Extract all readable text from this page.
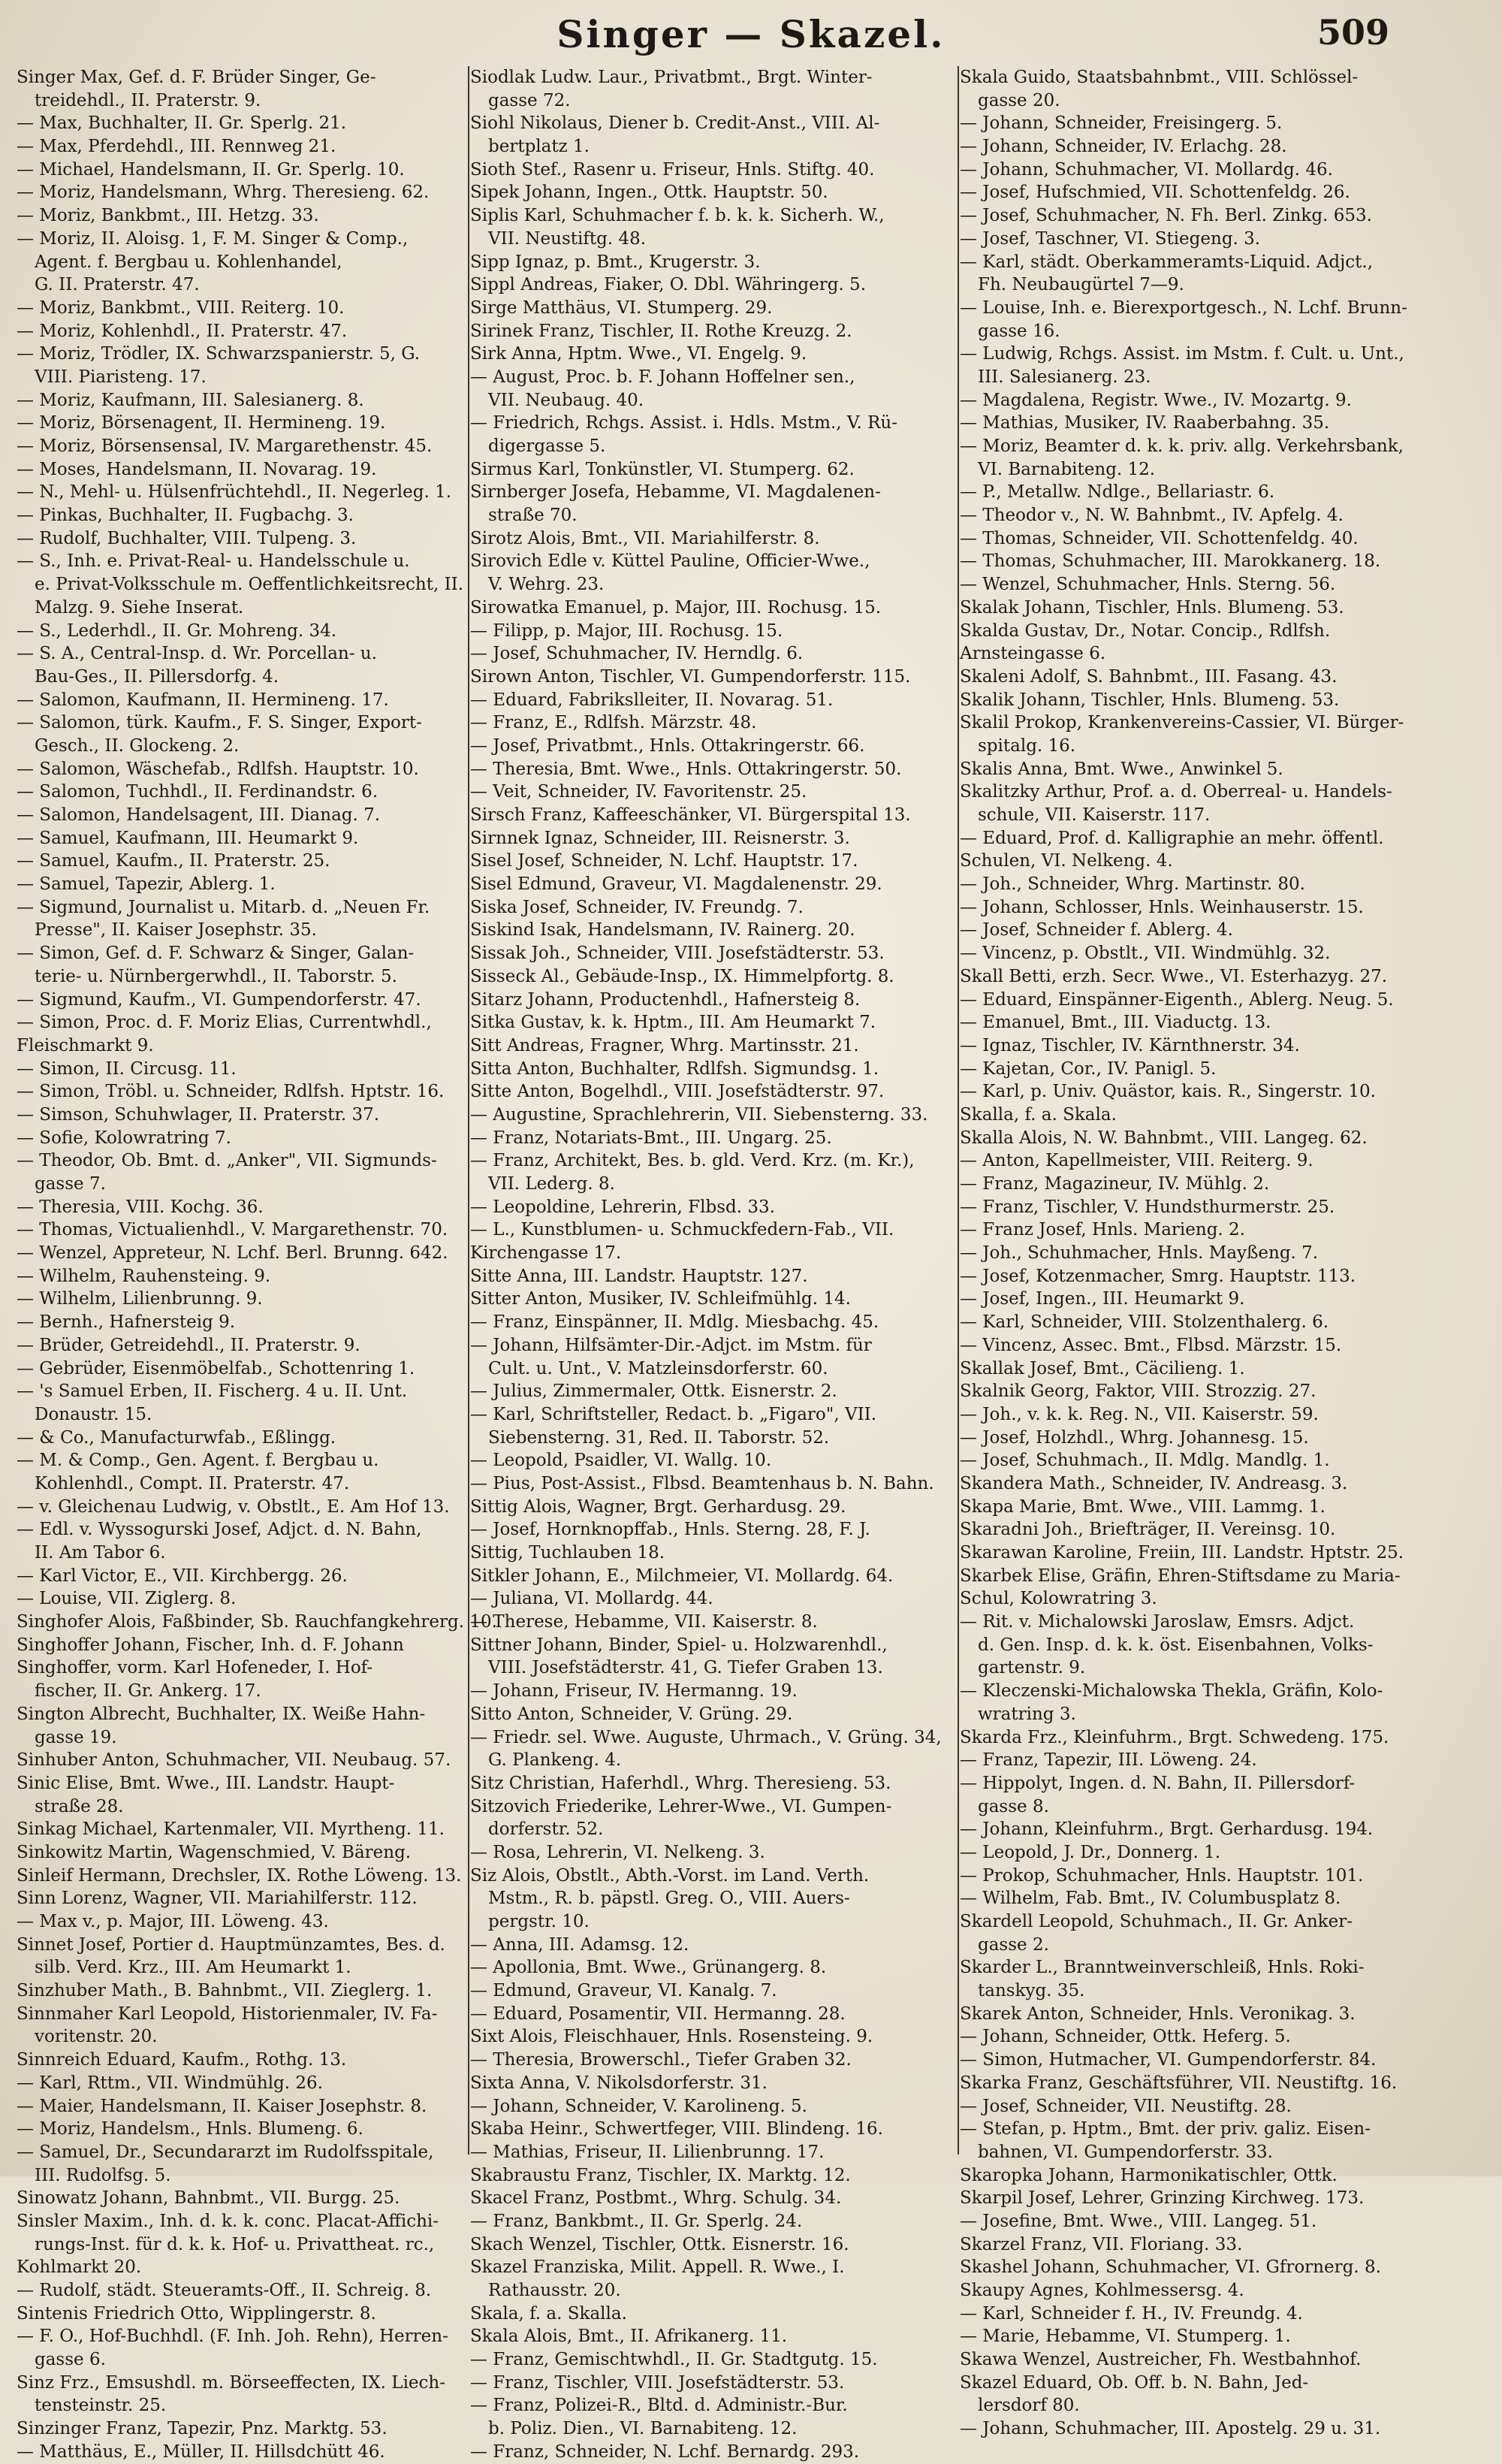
Singer — Skazel.	509
Singer Max, Gef. d. F. Brüder Singer, Ge-
treidehdl., II. Praterstr. 9.
— Max, Buchhalter, II. Gr. Sperlg. 21.
— Max, Pferdehdl., III. Rennweg 21.
— Michael, Handelsmann, II. Gr. Sperlg. 10.
— Moriz, Handelsmann, Whrg. Theresieng. 62.
— Moriz, Bankbmt., III. Hetzg. 33.
— Moriz, II. Aloisg. 1, F. M. Singer & Comp.,
Agent. f. Bergbau u. Kohlenhandel,
G. II. Praterstr. 47.
— Moriz, Bankbmt., VIII. Reiterg. 10.
— Moriz, Kohlenhdl., II. Praterstr. 47.
— Moriz, Trödler, IX. Schwarzspanierstr. 5, G.
VIII. Piaristeng. 17.
— Moriz, Kaufmann, III. Salesianerg. 8.
— Moriz, Börsenagent, II. Hermineng. 19.
— Moriz, Börsensensal, IV. Margarethenstr. 45.
— Moses, Handelsmann, II. Novarag. 19.
— N., Mehl- u. Hülsenfrüchtehdl., II. Negerleg. 1.
— Pinkas, Buchhalter, II. Fugbachg. 3.
— Rudolf, Buchhalter, VIII. Tulpeng. 3.
— S., Inh. e. Privat-Real- u. Handelsschule u.
e. Privat-Volksschule m. Oeffentlichkeitsrecht, II.
Malzg. 9. Siehe Inserat.
— S., Lederhdl., II. Gr. Mohreng. 34.
— S. A., Central-Insp. d. Wr. Porcellan- u.
Bau-Ges., II. Pillersdorfg. 4.
— Salomon, Kaufmann, II. Hermineng. 17.
— Salomon, türk. Kaufm., F. S. Singer, Export-
Gesch., II. Glockeng. 2.
— Salomon, Wäschefab., Rdlfsh. Hauptstr. 10.
— Salomon, Tuchhdl., II. Ferdinandstr. 6.
— Salomon, Handelsagent, III. Dianag. 7.
— Samuel, Kaufmann, III. Heumarkt 9.
— Samuel, Kaufm., II. Praterstr. 25.
— Samuel, Tapezir, Ablerg. 1.
— Sigmund, Journalist u. Mitarb. d. „Neuen Fr.
Presse", II. Kaiser Josephstr. 35.
— Simon, Gef. d. F. Schwarz & Singer, Galan-
terie- u. Nürnbergerwhdl., II. Taborstr. 5.
— Sigmund, Kaufm., VI. Gumpendorferstr. 47.
— Simon, Proc. d. F. Moriz Elias, Currentwhdl.,
Fleischmarkt 9.
— Simon, II. Circusg. 11.
— Simon, Tröbl. u. Schneider, Rdlfsh. Hptstr. 16.
— Simson, Schuhwlager, II. Praterstr. 37.
— Sofie, Kolowratring 7.
— Theodor, Ob. Bmt. d. „Anker", VII. Sigmunds-
gasse 7.
— Theresia, VIII. Kochg. 36.
— Thomas, Victualienhdl., V. Margarethenstr. 70.
— Wenzel, Appreteur, N. Lchf. Berl. Brunng. 642.
— Wilhelm, Rauhensteing. 9.
— Wilhelm, Lilienbrunng. 9.
— Bernh., Hafnersteig 9.
— Brüder, Getreidehdl., II. Praterstr. 9.
— Gebrüder, Eisenmöbelfab., Schottenring 1.
— 's Samuel Erben, II. Fischerg. 4 u. II. Unt.
Donaustr. 15.
— & Co., Manufacturwfab., Eßlingg.
— M. & Comp., Gen. Agent. f. Bergbau u.
Kohlenhdl., Compt. II. Praterstr. 47.
— v. Gleichenau Ludwig, v. Obstlt., E. Am Hof 13.
— Edl. v. Wyssogurski Josef, Adjct. d. N. Bahn,
II. Am Tabor 6.
— Karl Victor, E., VII. Kirchbergg. 26.
— Louise, VII. Ziglerg. 8.
Singhofer Alois, Faßbinder, Sb. Rauchfangkehrerg. 10.
Singhoffer Johann, Fischer, Inh. d. F. Johann
Singhoffer, vorm. Karl Hofeneder, I. Hof-
fischer, II. Gr. Ankerg. 17.
Sington Albrecht, Buchhalter, IX. Weiße Hahn-
gasse 19.
Sinhuber Anton, Schuhmacher, VII. Neubaug. 57.
Sinic Elise, Bmt. Wwe., III. Landstr. Haupt-
straße 28.
Sinkag Michael, Kartenmaler, VII. Myrtheng. 11.
Sinkowitz Martin, Wagenschmied, V. Bäreng.
Sinleif Hermann, Drechsler, IX. Rothe Löweng. 13.
Sinn Lorenz, Wagner, VII. Mariahilferstr. 112.
— Max v., p. Major, III. Löweng. 43.
Sinnet Josef, Portier d. Hauptmünzamtes, Bes. d.
silb. Verd. Krz., III. Am Heumarkt 1.
Sinzhuber Math., B. Bahnbmt., VII. Zieglerg. 1.
Sinnmaher Karl Leopold, Historienmaler, IV. Fa-
voritenstr. 20.
Sinnreich Eduard, Kaufm., Rothg. 13.
— Karl, Rttm., VII. Windmühlg. 26.
— Maier, Handelsmann, II. Kaiser Josephstr. 8.
— Moriz, Handelsm., Hnls. Blumeng. 6.
— Samuel, Dr., Secundararzt im Rudolfsspitale,
III. Rudolfsg. 5.
Sinowatz Johann, Bahnbmt., VII. Burgg. 25.
Sinsler Maxim., Inh. d. k. k. conc. Placat-Affichi-
rungs-Inst. für d. k. k. Hof- u. Privattheat. rc.,
Kohlmarkt 20.
— Rudolf, städt. Steueramts-Off., II. Schreig. 8.
Sintenis Friedrich Otto, Wipplingerstr. 8.
— F. O., Hof-Buchhdl. (F. Inh. Joh. Rehn), Herren-
gasse 6.
Sinz Frz., Emsushdl. m. Börseeffecten, IX. Liech-
tensteinstr. 25.
Sinzinger Franz, Tapezir, Pnz. Marktg. 53.
— Matthäus, E., Müller, II. Hillsdchütt 46.
Siodlak Ludw. Laur., Privatbmt., Brgt. Winter-
gasse 72.
Siohl Nikolaus, Diener b. Credit-Anst., VIII. Al-
bertplatz 1.
Sioth Stef., Rasenr u. Friseur, Hnls. Stiftg. 40.
Sipek Johann, Ingen., Ottk. Hauptstr. 50.
Siplis Karl, Schuhmacher f. b. k. k. Sicherh. W.,
VII. Neustiftg. 48.
Sipp Ignaz, p. Bmt., Krugerstr. 3.
Sippl Andreas, Fiaker, O. Dbl. Währingerg. 5.
Sirge Matthäus, VI. Stumperg. 29.
Sirinek Franz, Tischler, II. Rothe Kreuzg. 2.
Sirk Anna, Hptm. Wwe., VI. Engelg. 9.
— August, Proc. b. F. Johann Hoffelner sen.,
VII. Neubaug. 40.
— Friedrich, Rchgs. Assist. i. Hdls. Mstm., V. Rü-
digergasse 5.
Sirmus Karl, Tonkünstler, VI. Stumperg. 62.
Sirnberger Josefa, Hebamme, VI. Magdalenen-
straße 70.
Sirotz Alois, Bmt., VII. Mariahilferstr. 8.
Sirovich Edle v. Küttel Pauline, Officier-Wwe.,
V. Wehrg. 23.
Sirowatka Emanuel, p. Major, III. Rochusg. 15.
— Filipp, p. Major, III. Rochusg. 15.
— Josef, Schuhmacher, IV. Herndlg. 6.
Sirown Anton, Tischler, VI. Gumpendorferstr. 115.
— Eduard, Fabrikslleiter, II. Novarag. 51.
— Franz, E., Rdlfsh. Märzstr. 48.
— Josef, Privatbmt., Hnls. Ottakringerstr. 66.
— Theresia, Bmt. Wwe., Hnls. Ottakringerstr. 50.
— Veit, Schneider, IV. Favoritenstr. 25.
Sirsch Franz, Kaffeeschänker, VI. Bürgerspital 13.
Sirnnek Ignaz, Schneider, III. Reisnerstr. 3.
Sisel Josef, Schneider, N. Lchf. Hauptstr. 17.
Sisel Edmund, Graveur, VI. Magdalenenstr. 29.
Siska Josef, Schneider, IV. Freundg. 7.
Siskind Isak, Handelsmann, IV. Rainerg. 20.
Sissak Joh., Schneider, VIII. Josefstädterstr. 53.
Sisseck Al., Gebäude-Insp., IX. Himmelpfortg. 8.
Sitarz Johann, Productenhdl., Hafnersteig 8.
Sitka Gustav, k. k. Hptm., III. Am Heumarkt 7.
Sitt Andreas, Fragner, Whrg. Martinsstr. 21.
Sitta Anton, Buchhalter, Rdlfsh. Sigmundsg. 1.
Sitte Anton, Bogelhdl., VIII. Josefstädterstr. 97.
— Augustine, Sprachlehrerin, VII. Siebensterng. 33.
— Franz, Notariats-Bmt., III. Ungarg. 25.
— Franz, Architekt, Bes. b. gld. Verd. Krz. (m. Kr.),
VII. Lederg. 8.
— Leopoldine, Lehrerin, Flbsd. 33.
— L., Kunstblumen- u. Schmuckfedern-Fab., VII.
Kirchengasse 17.
Sitte Anna, III. Landstr. Hauptstr. 127.
Sitter Anton, Musiker, IV. Schleifmühlg. 14.
— Franz, Einspänner, II. Mdlg. Miesbachg. 45.
— Johann, Hilfsämter-Dir.-Adjct. im Mstm. für
Cult. u. Unt., V. Matzleinsdorferstr. 60.
— Julius, Zimmermaler, Ottk. Eisnerstr. 2.
— Karl, Schriftsteller, Redact. b. „Figaro", VII.
Siebensterng. 31, Red. II. Taborstr. 52.
— Leopold, Psaidler, VI. Wallg. 10.
— Pius, Post-Assist., Flbsd. Beamtenhaus b. N. Bahn.
Sittig Alois, Wagner, Brgt. Gerhardusg. 29.
— Josef, Hornknopffab., Hnls. Sterng. 28, F. J.
Sittig, Tuchlauben 18.
Sitkler Johann, E., Milchmeier, VI. Mollardg. 64.
— Juliana, VI. Mollardg. 44.
— Therese, Hebamme, VII. Kaiserstr. 8.
Sittner Johann, Binder, Spiel- u. Holzwarenhdl.,
VIII. Josefstädterstr. 41, G. Tiefer Graben 13.
— Johann, Friseur, IV. Hermanng. 19.
Sitto Anton, Schneider, V. Grüng. 29.
— Friedr. sel. Wwe. Auguste, Uhrmach., V. Grüng. 34,
G. Plankeng. 4.
Sitz Christian, Haferhdl., Whrg. Theresieng. 53.
Sitzovich Friederike, Lehrer-Wwe., VI. Gumpen-
dorferstr. 52.
— Rosa, Lehrerin, VI. Nelkeng. 3.
Siz Alois, Obstlt., Abth.-Vorst. im Land. Verth.
Mstm., R. b. päpstl. Greg. O., VIII. Auers-
pergstr. 10.
— Anna, III. Adamsg. 12.
— Apollonia, Bmt. Wwe., Grünangerg. 8.
— Edmund, Graveur, VI. Kanalg. 7.
— Eduard, Posamentir, VII. Hermanng. 28.
Sixt Alois, Fleischhauer, Hnls. Rosensteing. 9.
— Theresia, Browerschl., Tiefer Graben 32.
Sixta Anna, V. Nikolsdorferstr. 31.
— Johann, Schneider, V. Karolineng. 5.
Skaba Heinr., Schwertfeger, VIII. Blindeng. 16.
— Mathias, Friseur, II. Lilienbrunng. 17.
Skabraustu Franz, Tischler, IX. Marktg. 12.
Skacel Franz, Postbmt., Whrg. Schulg. 34.
— Franz, Bankbmt., II. Gr. Sperlg. 24.
Skach Wenzel, Tischler, Ottk. Eisnerstr. 16.
Skazel Franziska, Milit. Appell. R. Wwe., I.
Rathausstr. 20.
Skala, f. a. Skalla.
Skala Alois, Bmt., II. Afrikanerg. 11.
— Franz, Gemischtwhdl., II. Gr. Stadtgutg. 15.
— Franz, Tischler, VIII. Josefstädterstr. 53.
— Franz, Polizei-R., Bltd. d. Administr.-Bur.
b. Poliz. Dien., VI. Barnabiteng. 12.
— Franz, Schneider, N. Lchf. Bernardg. 293.
Skala Guido, Staatsbahnbmt., VIII. Schlössel-
gasse 20.
— Johann, Schneider, Freisingerg. 5.
— Johann, Schneider, IV. Erlachg. 28.
— Johann, Schuhmacher, VI. Mollardg. 46.
— Josef, Hufschmied, VII. Schottenfeldg. 26.
— Josef, Schuhmacher, N. Fh. Berl. Zinkg. 653.
— Josef, Taschner, VI. Stiegeng. 3.
— Karl, städt. Oberkammeramts-Liquid. Adjct.,
Fh. Neubaugürtel 7—9.
— Louise, Inh. e. Bierexportgesch., N. Lchf. Brunn-
gasse 16.
— Ludwig, Rchgs. Assist. im Mstm. f. Cult. u. Unt.,
III. Salesianerg. 23.
— Magdalena, Registr. Wwe., IV. Mozartg. 9.
— Mathias, Musiker, IV. Raaberbahng. 35.
— Moriz, Beamter d. k. k. priv. allg. Verkehrsbank,
VI. Barnabiteng. 12.
— P., Metallw. Ndlge., Bellariastr. 6.
— Theodor v., N. W. Bahnbmt., IV. Apfelg. 4.
— Thomas, Schneider, VII. Schottenfeldg. 40.
— Thomas, Schuhmacher, III. Marokkanerg. 18.
— Wenzel, Schuhmacher, Hnls. Sterng. 56.
Skalak Johann, Tischler, Hnls. Blumeng. 53.
Skalda Gustav, Dr., Notar. Concip., Rdlfsh.
Arnsteingasse 6.
Skaleni Adolf, S. Bahnbmt., III. Fasang. 43.
Skalik Johann, Tischler, Hnls. Blumeng. 53.
Skalil Prokop, Krankenvereins-Cassier, VI. Bürger-
spitalg. 16.
Skalis Anna, Bmt. Wwe., Anwinkel 5.
Skalitzky Arthur, Prof. a. d. Oberreal- u. Handels-
schule, VII. Kaiserstr. 117.
— Eduard, Prof. d. Kalligraphie an mehr. öffentl.
Schulen, VI. Nelkeng. 4.
— Joh., Schneider, Whrg. Martinstr. 80.
— Johann, Schlosser, Hnls. Weinhauserstr. 15.
— Josef, Schneider f. Ablerg. 4.
— Vincenz, p. Obstlt., VII. Windmühlg. 32.
Skall Betti, erzh. Secr. Wwe., VI. Esterhazyg. 27.
— Eduard, Einspänner-Eigenth., Ablerg. Neug. 5.
— Emanuel, Bmt., III. Viaductg. 13.
— Ignaz, Tischler, IV. Kärnthnerstr. 34.
— Kajetan, Cor., IV. Panigl. 5.
— Karl, p. Univ. Quästor, kais. R., Singerstr. 10.
Skalla, f. a. Skala.
Skalla Alois, N. W. Bahnbmt., VIII. Langeg. 62.
— Anton, Kapellmeister, VIII. Reiterg. 9.
— Franz, Magazineur, IV. Mühlg. 2.
— Franz, Tischler, V. Hundsthurmerstr. 25.
— Franz Josef, Hnls. Marieng. 2.
— Joh., Schuhmacher, Hnls. Mayßeng. 7.
— Josef, Kotzenmacher, Smrg. Hauptstr. 113.
— Josef, Ingen., III. Heumarkt 9.
— Karl, Schneider, VIII. Stolzenthalerg. 6.
— Vincenz, Assec. Bmt., Flbsd. Märzstr. 15.
Skallak Josef, Bmt., Cäcilieng. 1.
Skalnik Georg, Faktor, VIII. Strozzig. 27.
— Joh., v. k. k. Reg. N., VII. Kaiserstr. 59.
— Josef, Holzhdl., Whrg. Johannesg. 15.
— Josef, Schuhmach., II. Mdlg. Mandlg. 1.
Skandera Math., Schneider, IV. Andreasg. 3.
Skapa Marie, Bmt. Wwe., VIII. Lammg. 1.
Skaradni Joh., Briefträger, II. Vereinsg. 10.
Skarawan Karoline, Freiin, III. Landstr. Hptstr. 25.
Skarbek Elise, Gräfin, Ehren-Stiftsdame zu Maria-
Schul, Kolowratring 3.
— Rit. v. Michalowski Jaroslaw, Emsrs. Adjct.
d. Gen. Insp. d. k. k. öst. Eisenbahnen, Volks-
gartenstr. 9.
— Kleczenski-Michalowska Thekla, Gräfin, Kolo-
wratring 3.
Skarda Frz., Kleinfuhrm., Brgt. Schwedeng. 175.
— Franz, Tapezir, III. Löweng. 24.
— Hippolyt, Ingen. d. N. Bahn, II. Pillersdorf-
gasse 8.
— Johann, Kleinfuhrm., Brgt. Gerhardusg. 194.
— Leopold, J. Dr., Donnerg. 1.
— Prokop, Schuhmacher, Hnls. Hauptstr. 101.
— Wilhelm, Fab. Bmt., IV. Columbusplatz 8.
Skardell Leopold, Schuhmach., II. Gr. Anker-
gasse 2.
Skarder L., Branntweinverschleiß, Hnls. Roki-
tanskyg. 35.
Skarek Anton, Schneider, Hnls. Veronikag. 3.
— Johann, Schneider, Ottk. Heferg. 5.
— Simon, Hutmacher, VI. Gumpendorferstr. 84.
Skarka Franz, Geschäftsführer, VII. Neustiftg. 16.
— Josef, Schneider, VII. Neustiftg. 28.
— Stefan, p. Hptm., Bmt. der priv. galiz. Eisen-
bahnen, VI. Gumpendorferstr. 33.
Skaropka Johann, Harmonikatischler, Ottk.
Skarpil Josef, Lehrer, Grinzing Kirchweg. 173.
— Josefine, Bmt. Wwe., VIII. Langeg. 51.
Skarzel Franz, VII. Floriang. 33.
Skashel Johann, Schuhmacher, VI. Gfrornerg. 8.
Skaupy Agnes, Kohlmessersg. 4.
— Karl, Schneider f. H., IV. Freundg. 4.
— Marie, Hebamme, VI. Stumperg. 1.
Skawa Wenzel, Austreicher, Fh. Westbahnhof.
Skazel Eduard, Ob. Off. b. N. Bahn, Jed-
lersdorf 80.
— Johann, Schuhmacher, III. Apostelg. 29 u. 31.
